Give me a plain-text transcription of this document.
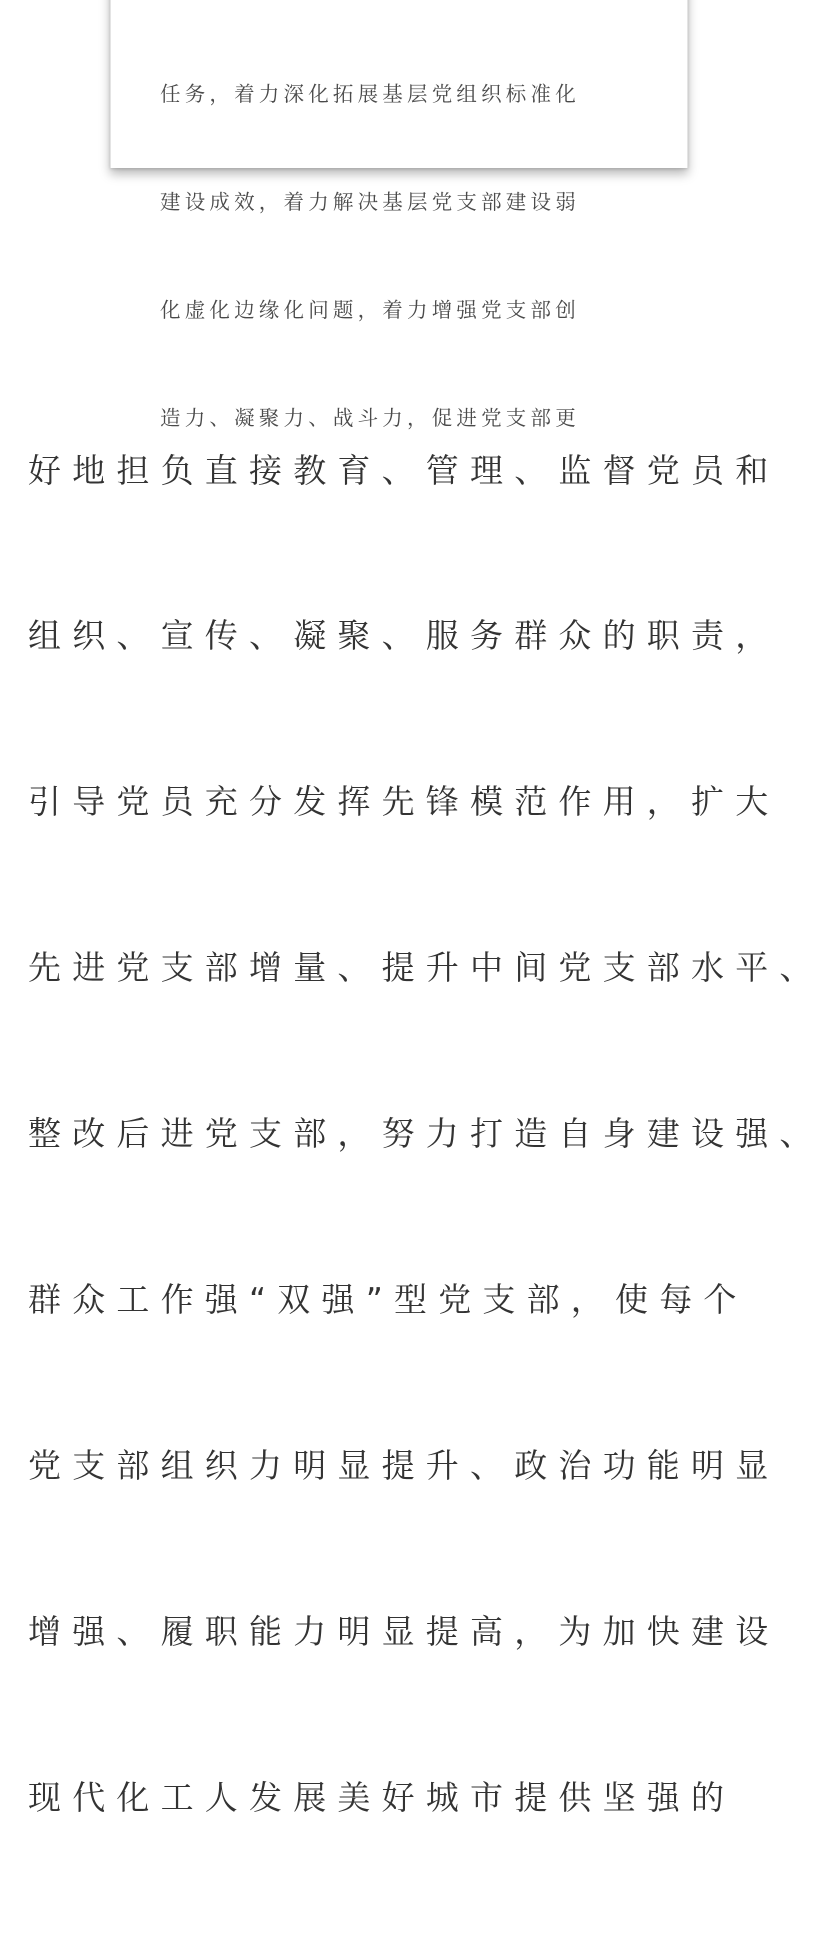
任务，着力深化拓展基层党组织标准化

建设成效，着力解决基层党支部建设弱

化虚化边缘化问题，着力增强党支部创

造力、凝聚力、战斗力，促进党支部更

好地担负直接教育、管理、监督党员和

组织、宣传、凝聚、服务群众的职责，

引导党员充分发挥先锋模范作用，扩大

先进党支部增量、提升中间党支部水平、

整改后进党支部，努力打造自身建设强、

群众工作强“双强”型党支部，使每个

党支部组织力明显提升、政治功能明显

增强、履职能力明显提高，为加快建设

现代化工人发展美好城市提供坚强的
